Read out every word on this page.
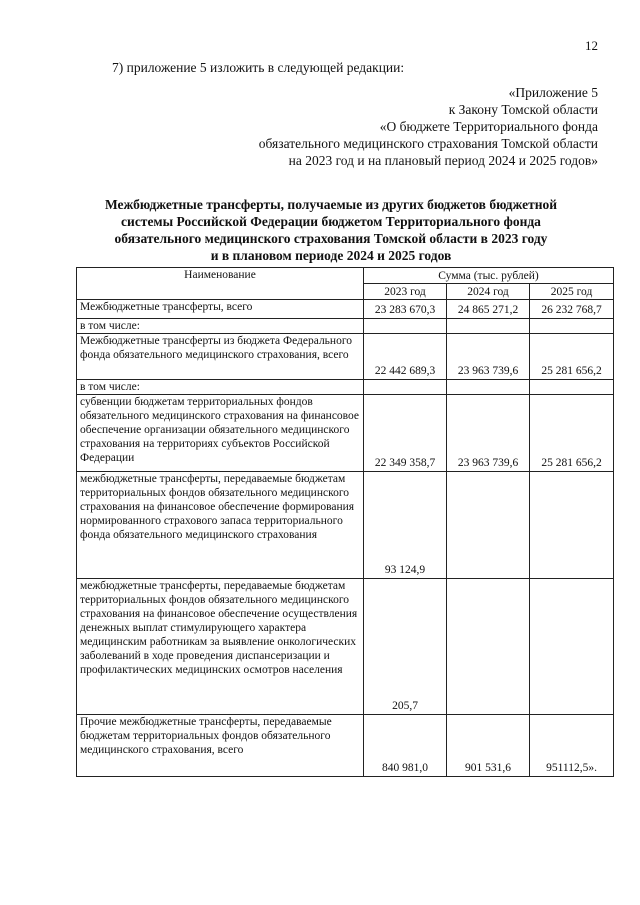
12
7) приложение 5 изложить в следующей редакции:
«Приложение 5
к Закону Томской области
«О бюджете Территориального фонда
обязательного медицинского страхования Томской области
на 2023 год и на плановый период 2024 и 2025 годов»
Межбюджетные трансферты, получаемые из других бюджетов бюджетной
системы Российской Федерации бюджетом Территориального фонда
обязательного медицинского страхования Томской области в 2023 году
и в плановом периоде 2024 и 2025 годов
Наименование	Сумма (тыс. рублей)		
	2023 год	2024 год	2025 год
Межбюджетные трансферты, всего	23 283 670,3	24 865 271,2	26 232 768,7
в том числе:			
Межбюджетные трансферты из бюджета Федерального фонда обязательного медицинского страхования, всего	22 442 689,3	23 963 739,6	25 281 656,2
в том числе:			
субвенции бюджетам территориальных фондов обязательного медицинского страхования на финансовое обеспечение организации обязательного медицинского страхования на территориях субъектов Российской Федерации	22 349 358,7	23 963 739,6	25 281 656,2
межбюджетные трансферты, передаваемые бюджетам территориальных фондов обязательного медицинского страхования на финансовое обеспечение формирования нормированного страхового запаса территориального фонда обязательного медицинского страхования	93 124,9		
межбюджетные трансферты, передаваемые бюджетам территориальных фондов обязательного медицинского страхования на финансовое обеспечение осуществления денежных выплат стимулирующего характера медицинским работникам за выявление онкологических заболеваний в ходе проведения диспансеризации и профилактических медицинских осмотров населения	205,7		
Прочие межбюджетные трансферты, передаваемые бюджетам территориальных фондов обязательного медицинского страхования, всего	840 981,0	901 531,6	951112,5».
